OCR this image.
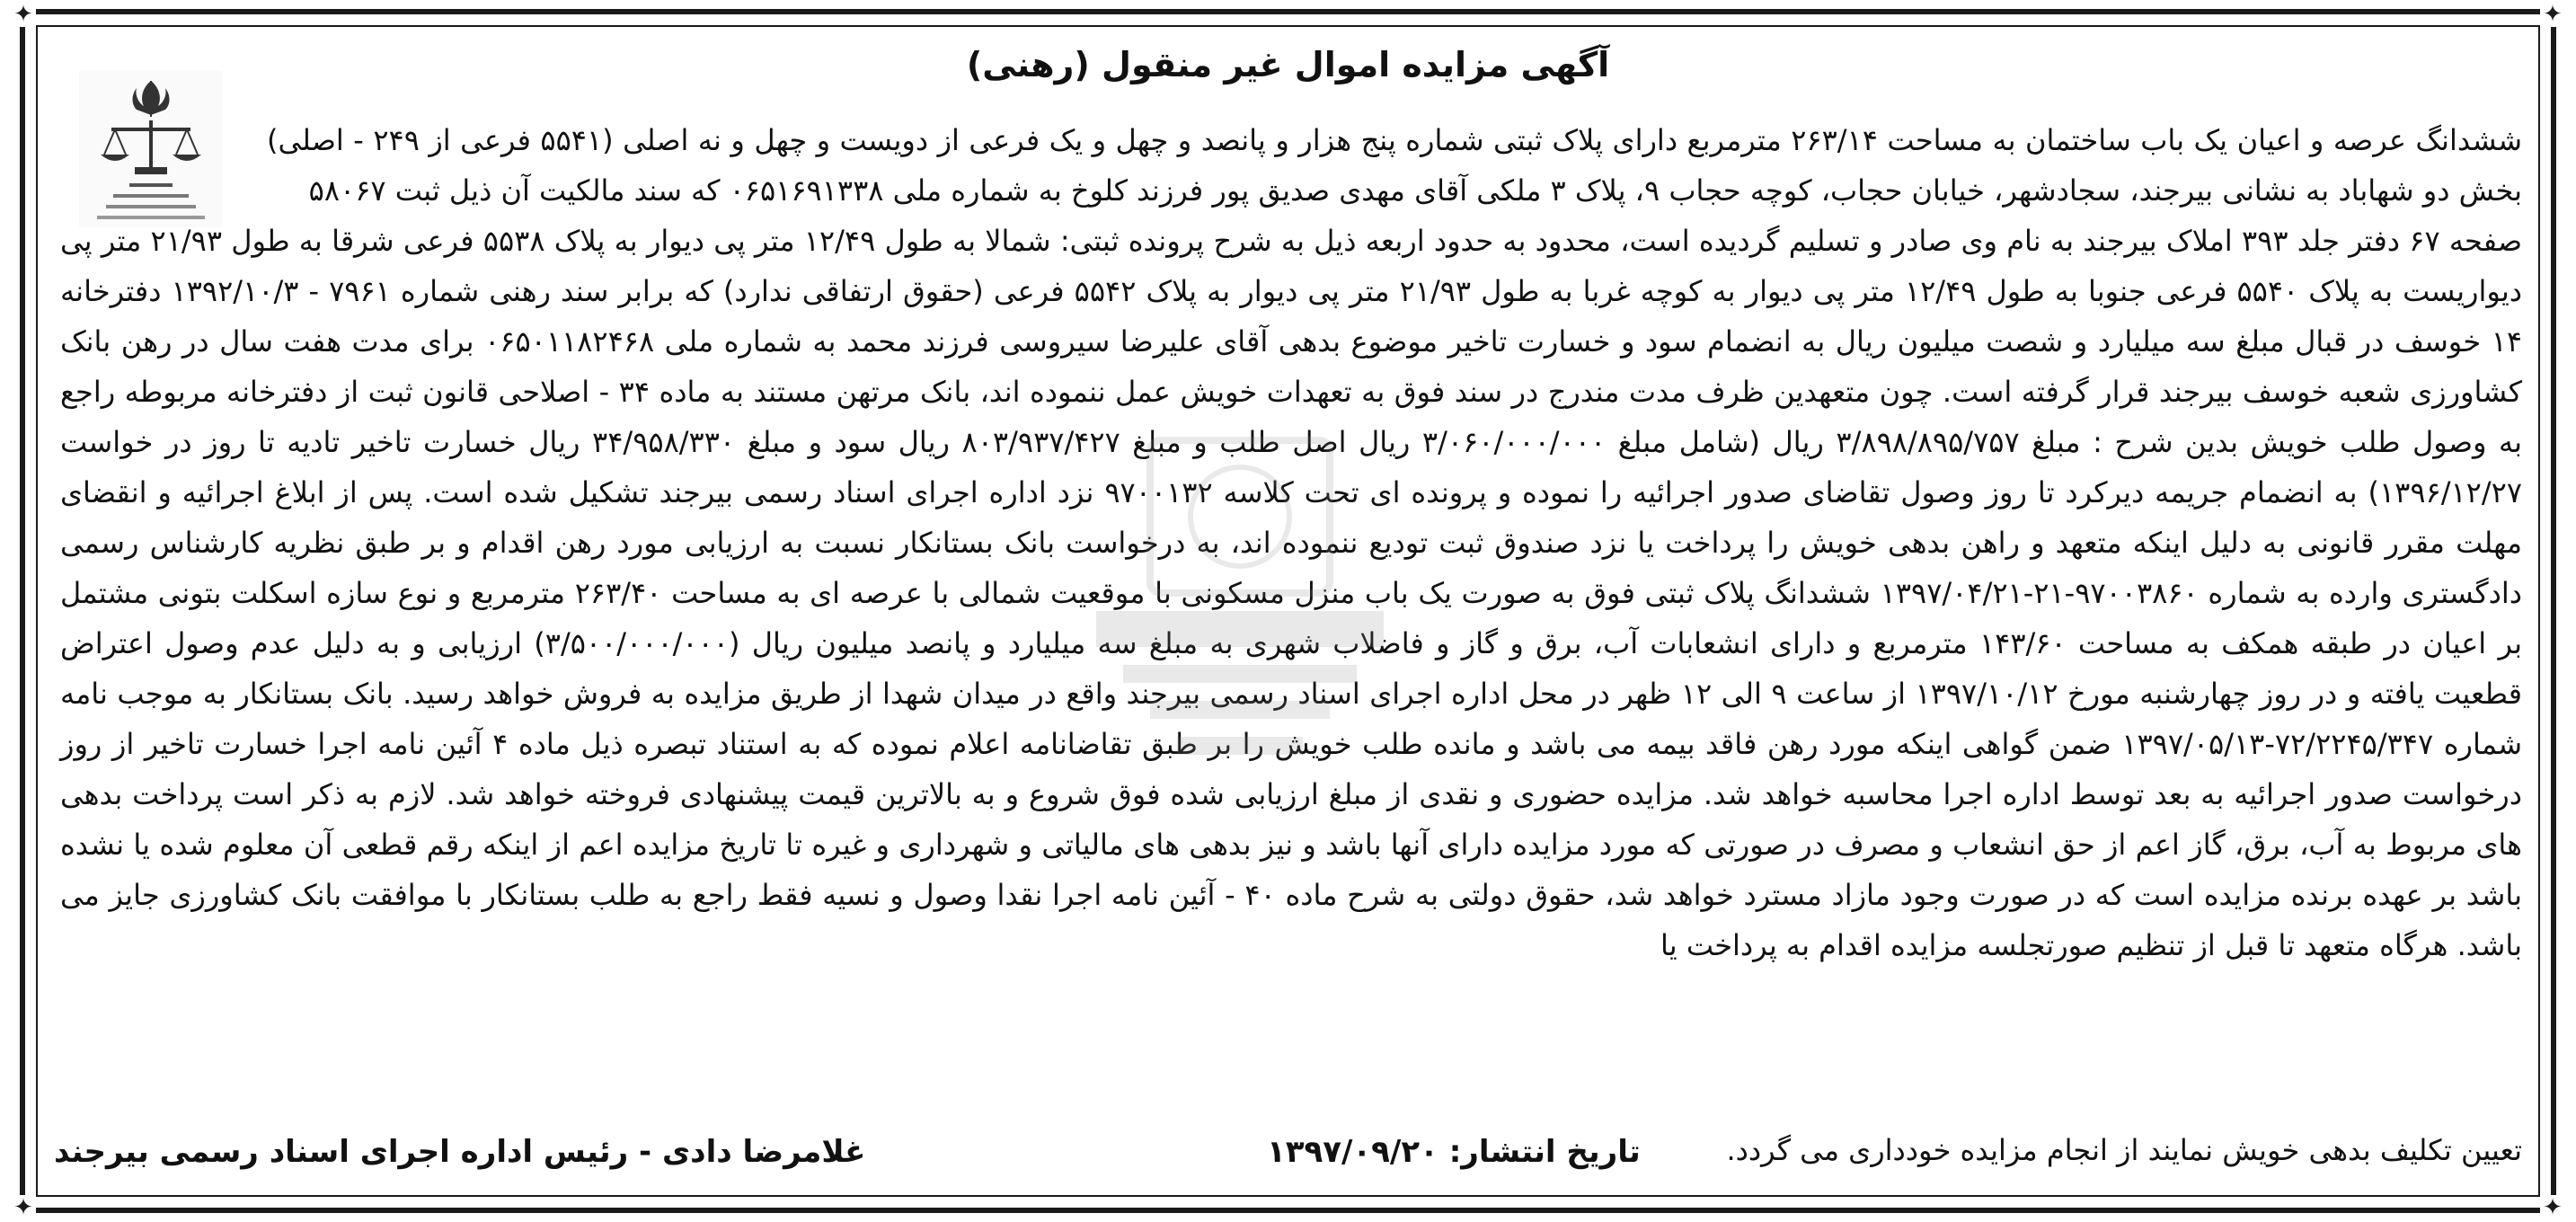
✦	✦
✦	✦
آگهی مزایده اموال غیر منقول (رهنی)
ششدانگ عرصه و اعیان یک باب ساختمان به مساحت ۲۶۳/۱۴ مترمربع دارای پلاک ثبتی شماره پنج هزار و پانصد و چهل و یک فرعی از دویست و چهل و نه اصلی (۵۵۴۱ فرعی از ۲۴۹ - اصلی) بخش دو شهاباد به نشانی بیرجند، سجادشهر، خیابان حجاب، کوچه حجاب ۹، پلاک ۳ ملکی آقای مهدی صدیق پور فرزند کلوخ به شماره ملی ۰۶۵۱۶۹۱۳۳۸ که سند مالکیت آن ذیل ثبت ۵۸۰۶۷
صفحه ۶۷ دفتر جلد ۳۹۳ املاک بیرجند به نام وی صادر و تسلیم گردیده است، محدود به حدود اربعه ذیل به شرح پرونده ثبتی: شمالا به طول ۱۲/۴۹ متر پی دیوار به پلاک ۵۵۳۸ فرعی شرقا به طول ۲۱/۹۳ متر پی دیواریست به پلاک ۵۵۴۰ فرعی جنوبا به طول ۱۲/۴۹ متر پی دیوار به کوچه غربا به طول ۲۱/۹۳ متر پی دیوار به پلاک ۵۵۴۲ فرعی (حقوق ارتفاقی ندارد) که برابر سند رهنی شماره ۷۹۶۱ - ۱۳۹۲/۱۰/۳ دفترخانه ۱۴ خوسف در قبال مبلغ سه میلیارد و شصت میلیون ریال به انضمام سود و خسارت تاخیر موضوع بدهی آقای علیرضا سیروسی فرزند محمد به شماره ملی ۰۶۵۰۱۱۸۲۴۶۸ برای مدت هفت سال در رهن بانک کشاورزی شعبه خوسف بیرجند قرار گرفته است. چون متعهدین ظرف مدت مندرج در سند فوق به تعهدات خویش عمل ننموده اند، بانک مرتهن مستند به ماده ۳۴ - اصلاحی قانون ثبت از دفترخانه مربوطه راجع به وصول طلب خویش بدین شرح : مبلغ ۳/۸۹۸/۸۹۵/۷۵۷ ریال (شامل مبلغ ۳/۰۶۰/۰۰۰/۰۰۰ ریال اصل طلب و مبلغ ۸۰۳/۹۳۷/۴۲۷ ریال سود و مبلغ ۳۴/۹۵۸/۳۳۰ ریال خسارت تاخیر تادیه تا روز در خواست ۱۳۹۶/۱۲/۲۷) به انضمام جریمه دیرکرد تا روز وصول تقاضای صدور اجرائیه را نموده و پرونده ای تحت کلاسه ۹۷۰۰۱۳۲ نزد اداره اجرای اسناد رسمی بیرجند تشکیل شده است. پس از ابلاغ اجرائیه و انقضای مهلت مقرر قانونی به دلیل اینکه متعهد و راهن بدهی خویش را پرداخت یا نزد صندوق ثبت تودیع ننموده اند، به درخواست بانک بستانکار نسبت به ارزیابی مورد رهن اقدام و بر طبق نظریه کارشناس رسمی دادگستری وارده به شماره ۹۷۰۰۳۸۶۰-۲۱-۱۳۹۷/۰۴/۲۱ ششدانگ پلاک ثبتی فوق به صورت یک باب منزل مسکونی با موقعیت شمالی با عرصه ای به مساحت ۲۶۳/۴۰ مترمربع و نوع سازه اسکلت بتونی مشتمل بر اعیان در طبقه همکف به مساحت ۱۴۳/۶۰ مترمربع و دارای انشعابات آب، برق و گاز و فاضلاب شهری به مبلغ سه میلیارد و پانصد میلیون ریال (۳/۵۰۰/۰۰۰/۰۰۰) ارزیابی و به دلیل عدم وصول اعتراض قطعیت یافته و در روز چهارشنبه مورخ ۱۳۹۷/۱۰/۱۲ از ساعت ۹ الی ۱۲ ظهر در محل اداره اجرای اسناد رسمی بیرجند واقع در میدان شهدا از طریق مزایده به فروش خواهد رسید. بانک بستانکار به موجب نامه شماره ۷۲/۲۲۴۵/۳۴۷-۱۳۹۷/۰۵/۱۳ ضمن گواهی اینکه مورد رهن فاقد بیمه می باشد و مانده طلب خویش را بر طبق تقاضانامه اعلام نموده که به استناد تبصره ذیل ماده ۴ آئین نامه اجرا خسارت تاخیر از روز درخواست صدور اجرائیه به بعد توسط اداره اجرا محاسبه خواهد شد. مزایده حضوری و نقدی از مبلغ ارزیابی شده فوق شروع و به بالاترین قیمت پیشنهادی فروخته خواهد شد. لازم به ذکر است پرداخت بدهی های مربوط به آب، برق، گاز اعم از حق انشعاب و مصرف در صورتی که مورد مزایده دارای آنها باشد و نیز بدهی های مالیاتی و شهرداری و غیره تا تاریخ مزایده اعم از اینکه رقم قطعی آن معلوم شده یا نشده باشد بر عهده برنده مزایده است که در صورت وجود مازاد مسترد خواهد شد، حقوق دولتی به شرح ماده ۴۰ - آئین نامه اجرا نقدا وصول و نسیه فقط راجع به طلب بستانکار با موافقت بانک کشاورزی جایز می باشد. هرگاه متعهد تا قبل از تنظیم صورتجلسه مزایده اقدام به پرداخت یا
تعیین تکلیف بدهی خویش نمایند از انجام مزایده خودداری می گردد.
تاریخ انتشار: ۱۳۹۷/۰۹/۲۰
غلامرضا دادی - رئیس اداره اجرای اسناد رسمی بیرجند
